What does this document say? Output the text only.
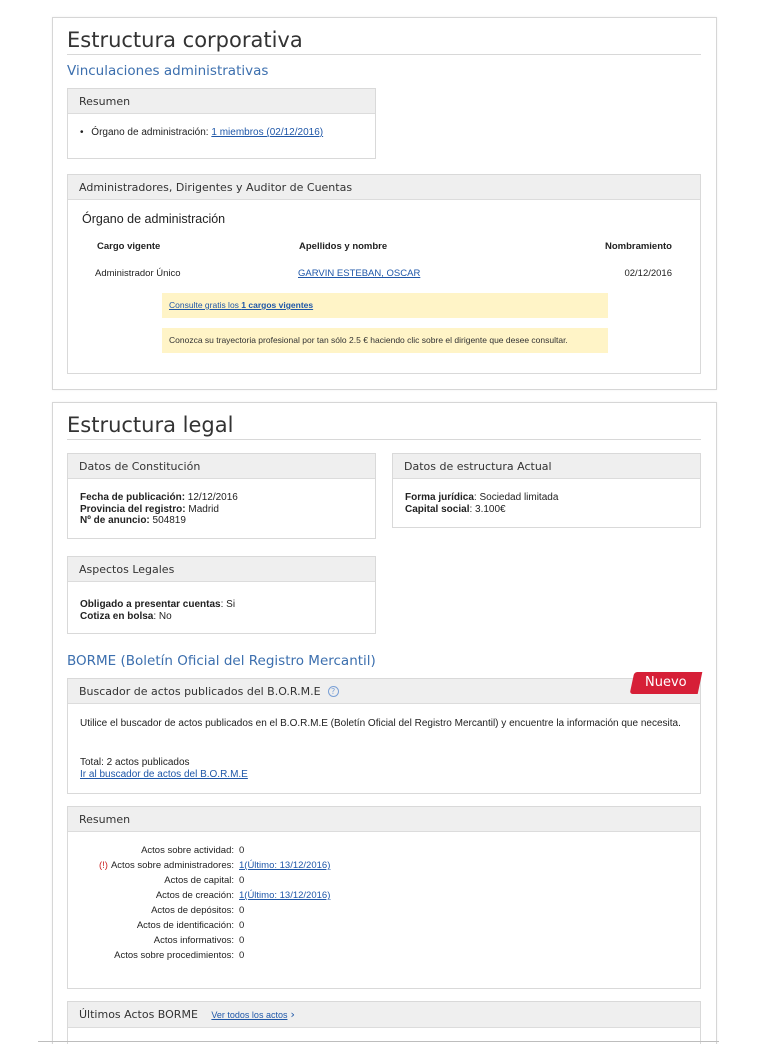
Estructura corporativa
Vinculaciones administrativas
Resumen
• Órgano de administración: 1 miembros (02/12/2016)
Administradores, Dirigentes y Auditor de Cuentas
Órgano de administración
Cargo vigente	Apellidos y nombre	Nombramiento
Administrador Único	GARVIN ESTEBAN, OSCAR	02/12/2016
Consulte gratis los 1 cargos vigentes
Conozca su trayectoria profesional por tan sólo 2.5 € haciendo clic sobre el dirigente que desee consultar.
Estructura legal
Datos de Constitución
Fecha de publicación: 12/12/2016
Provincia del registro: Madrid
Nº de anuncio: 504819
Datos de estructura Actual
Forma jurídica: Sociedad limitada
Capital social: 3.100€
Aspectos Legales
Obligado a presentar cuentas: Si
Cotiza en bolsa: No
BORME (Boletín Oficial del Registro Mercantil)
Buscador de actos publicados del B.O.R.M.E ?
Nuevo
Utilice el buscador de actos publicados en el B.O.R.M.E (Boletín Oficial del Registro Mercantil) y encuentre la información que necesita.
Total: 2 actos publicados
Ir al buscador de actos del B.O.R.M.E
Resumen
Actos sobre actividad: 0
(!) Actos sobre administradores: 1(Último: 13/12/2016)
Actos de capital: 0
Actos de creación: 1(Último: 13/12/2016)
Actos de depósitos: 0
Actos de identificación: 0
Actos informativos: 0
Actos sobre procedimientos: 0
Últimos Actos BORME Ver todos los actos ›
